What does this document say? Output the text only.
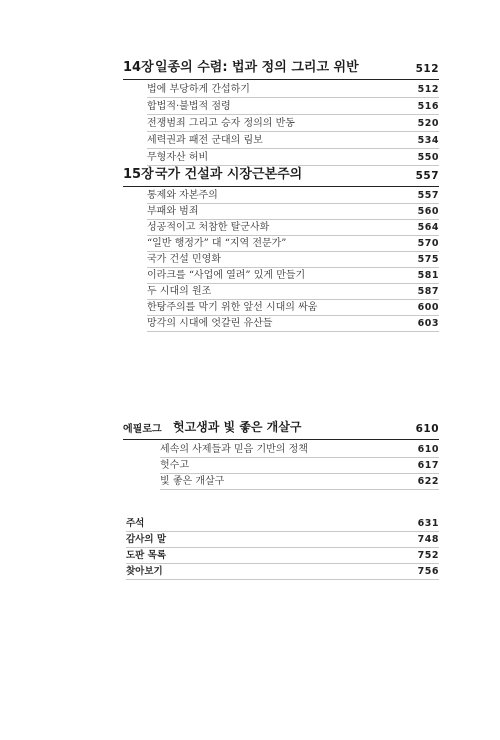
14장 일종의 수렴: 법과 정의 그리고 위반	512
법에 부당하게 간섭하기	512
합법적·불법적 점령	516
전쟁범죄 그리고 승자 정의의 반동	520
세력권과 패전 군대의 림보	534
무형자산 허비	550
15장 국가 건설과 시장근본주의	557
통제와 자본주의	557
부패와 범죄	560
성공적이고 처참한 탈군사화	564
“일반 행정가” 대 “지역 전문가”	570
국가 건설 민영화	575
이라크를 “사업에 열려” 있게 만들기	581
두 시대의 원조	587
한탕주의를 막기 위한 앞선 시대의 싸움	600
망각의 시대에 엇갈린 유산들	603
에필로그 헛고생과 빛 좋은 개살구	610
세속의 사제들과 믿음 기반의 정책	610
헛수고	617
빛 좋은 개살구	622
주석	631
감사의 말	748
도판 목록	752
찾아보기	756
